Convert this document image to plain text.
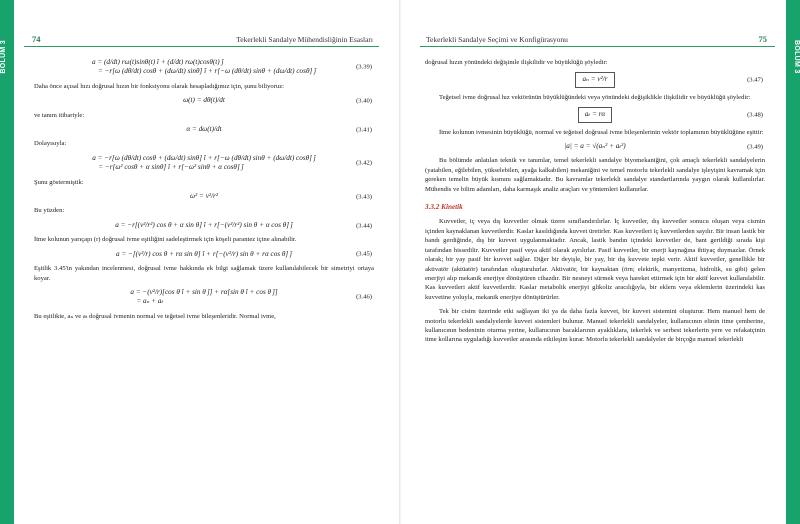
BÖLÜM 3	BÖLÜM 3
74	Tekerlekli Sandalye Mühendisliğinin Esasları
a = (d/dt) rω(t)sinθ(t) î + (d/dt) rω(t)cosθ(t) ĵ
= −r[ω (dθ/dt) cosθ + (dω/dt) sinθ] î + r[−ω (dθ/dt) sinθ + (dω/dt) cosθ] ĵ
(3.39)

Daha önce açısal hızı doğrusal hızın bir fonksiyonu olarak hesapladığımız için, şunu biliyoruz:

ω(t) = dθ(t)/dt	(3.40)

ve tanım itibariyle:

α = dω(t)/dt	(3.41)

Dolayısıyla:

a = −r[ω (dθ/dt) cosθ + (dω/dt) sinθ] î + r[−ω (dθ/dt) sinθ + (dω/dt) cosθ] ĵ
= −r[ω² cosθ + α sinθ] î + r[−ω² sinθ + α cosθ] ĵ
(3.42)

Şunu göstermiştik:

ω² = v²/r²	(3.43)

Bu yüzden:

a = −r[(v²/r²) cos θ + α sin θ] î + r[−(v²/r²) sin θ + α cos θ] ĵ	(3.44)

İtme kolunun yarıçapı (r) doğrusal ivme eşitliğini sadeleştirmek için köşeli parantez içine alınabilir.

a = −[(v²/r) cos θ + rα sin θ] î + r[−(v²/r) sin θ + rα cos θ] ĵ	(3.45)

Eşitlik 3.45'in yakından incelenmesi, doğrusal ivme hakkında ek bilgi sağlamak üzere kullanılabilecek bir simetriyi ortaya koyar.

a = −(v²/r)[cos θ î + sin θ ĵ] + rα[sin θ î + cos θ ĵ]
= aₙ + aₜ
(3.46)

Bu eşitlikte, aₙ ve aₜ doğrusal ivmenin normal ve teğetsel ivme bileşenleridir. Normal ivme,

Tekerlekli Sandalye Seçimi ve Konfigürasyonu	75

doğrusal hızın yönündeki değişimle ilişkilidir ve büyüklüğü şöyledir:

aₙ = v²/r	(3.47)

Teğetsel ivme doğrusal hız vektörünün büyüklüğündeki veya yönündeki değişiklikle ilişkilidir ve büyüklüğü şöyledir:

aₜ = rα	(3.48)

İtme kolunun ivmesinin büyüklüğü, normal ve teğetsel doğrusal ivme bileşenlerinin vektör toplamının büyüklüğüne eşittir:

|a| = a = √(aₙ² + aₜ²)	(3.49)

Bu bölümde anlatılan teknik ve tanımlar, temel tekerlekli sandalye biyomekaniğini, çok amaçlı tekerlekli sandalyelerin (yatabilen, eğilebilen, yükselebilen, ayağa kalkabilen) mekaniğini ve temel motorlu tekerlekli sandalye işleyişini kavramak için gereken temelin büyük kısmını sağlamaktadır. Bu kavramlar tekerlekli sandalye standartlarında yaygın olarak kullanılırlar. Mühendis ve bilim adamları, daha karmaşık analiz araçları ve yöntemleri kullanırlar.

3.3.2 Kinetik

Kuvvetler, iç veya dış kuvvetler olmak üzere sınıflandırılırlar. İç kuvvetler, dış kuvvetler sonucu oluşan veya cismin içinden kaynaklanan kuvvetlerdir. Kaslar kasıldığında kuvvet üretirler. Kas kuvvetleri iç kuvvetlerden sayılır. Bir insan lastik bir bandı gerdiğinde, dış bir kuvvet uygulanmaktadır. Ancak, lastik bandın içindeki kuvvetler de, bant gerildiği sırada kişi tarafından hissedilir. Kuvvetler pasif veya aktif olarak ayrılırlar. Pasif kuvvetler, bir enerji kaynağına ihtiyaç duymazlar. Örnek olarak; bir yay pasif bir kuvvet sağlar. Diğer bir deyişle, bir yay, bir dış kuvvete tepki verir. Aktif kuvvetler, genellikle bir aktivatör (aktüatör) tarafından oluşturulurlar. Aktivatör, bir kaynaktan (örn; elektrik, manyetizma, hidrolik, su gibi) gelen enerjiyi alıp mekanik enerjiye dönüştüren cihazdır. Bir nesneyi sürmek veya hareket ettirmek için bir aktif kuvvet kullanılabilir. Kas kuvvetleri aktif kuvvetlerdir. Kaslar metabolik enerjiyi glikoliz aracılığıyla, bir eklem veya eklemlerin üzerindeki kas kuvvetine yoluyla, mekanik enerjiye dönüştürürler.

Tek bir cisim üzerinde etki sağlayan iki ya da daha fazla kuvvet, bir kuvvet sistemini oluşturur. Hem manuel hem de motorlu tekerlekli sandalyelerde kuvvet sistemleri bulunur. Manuel tekerlekli sandalyeler, kullanıcının elinin itme çemberine, kullanıcının bedeninin oturma yerine, kullanıcının bacaklarının ayaklıklara, tekerlek ve serbest tekerlerin yere ve refakatçinin itme kollarına uyguladığı kuvvetler arasında etkileşim kurar. Motorlu tekerlekli sandalyeler de birçoğu manuel tekerlekli
